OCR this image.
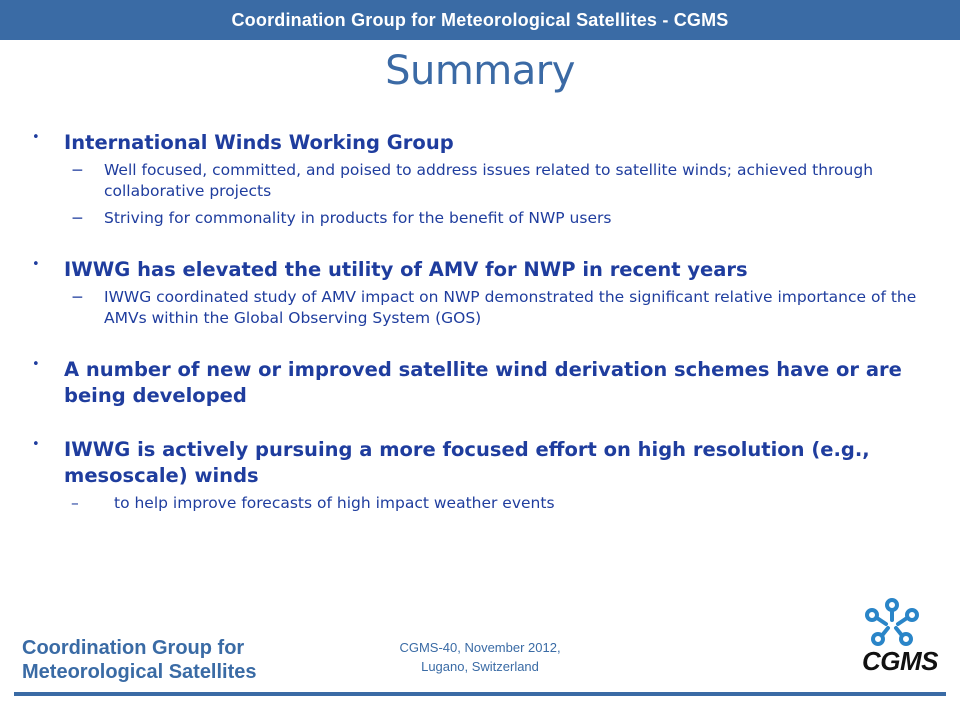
Coordination Group for Meteorological Satellites - CGMS
Summary
• International Winds Working Group
− Well focused, committed, and poised to address issues related to satellite winds; achieved through collaborative projects
− Striving for commonality in products for the benefit of NWP users
• IWWG has elevated the utility of AMV for NWP in recent years
− IWWG coordinated study of AMV impact on NWP demonstrated the significant relative importance of the AMVs within the Global Observing System (GOS)
• A number of new or improved satellite wind derivation schemes have or are being developed
• IWWG is actively pursuing a more focused effort on high resolution (e.g., mesoscale) winds
– to help improve forecasts of high impact weather events
Coordination Group for
Meteorological Satellites
CGMS-40, November 2012,
Lugano, Switzerland	CGMS
